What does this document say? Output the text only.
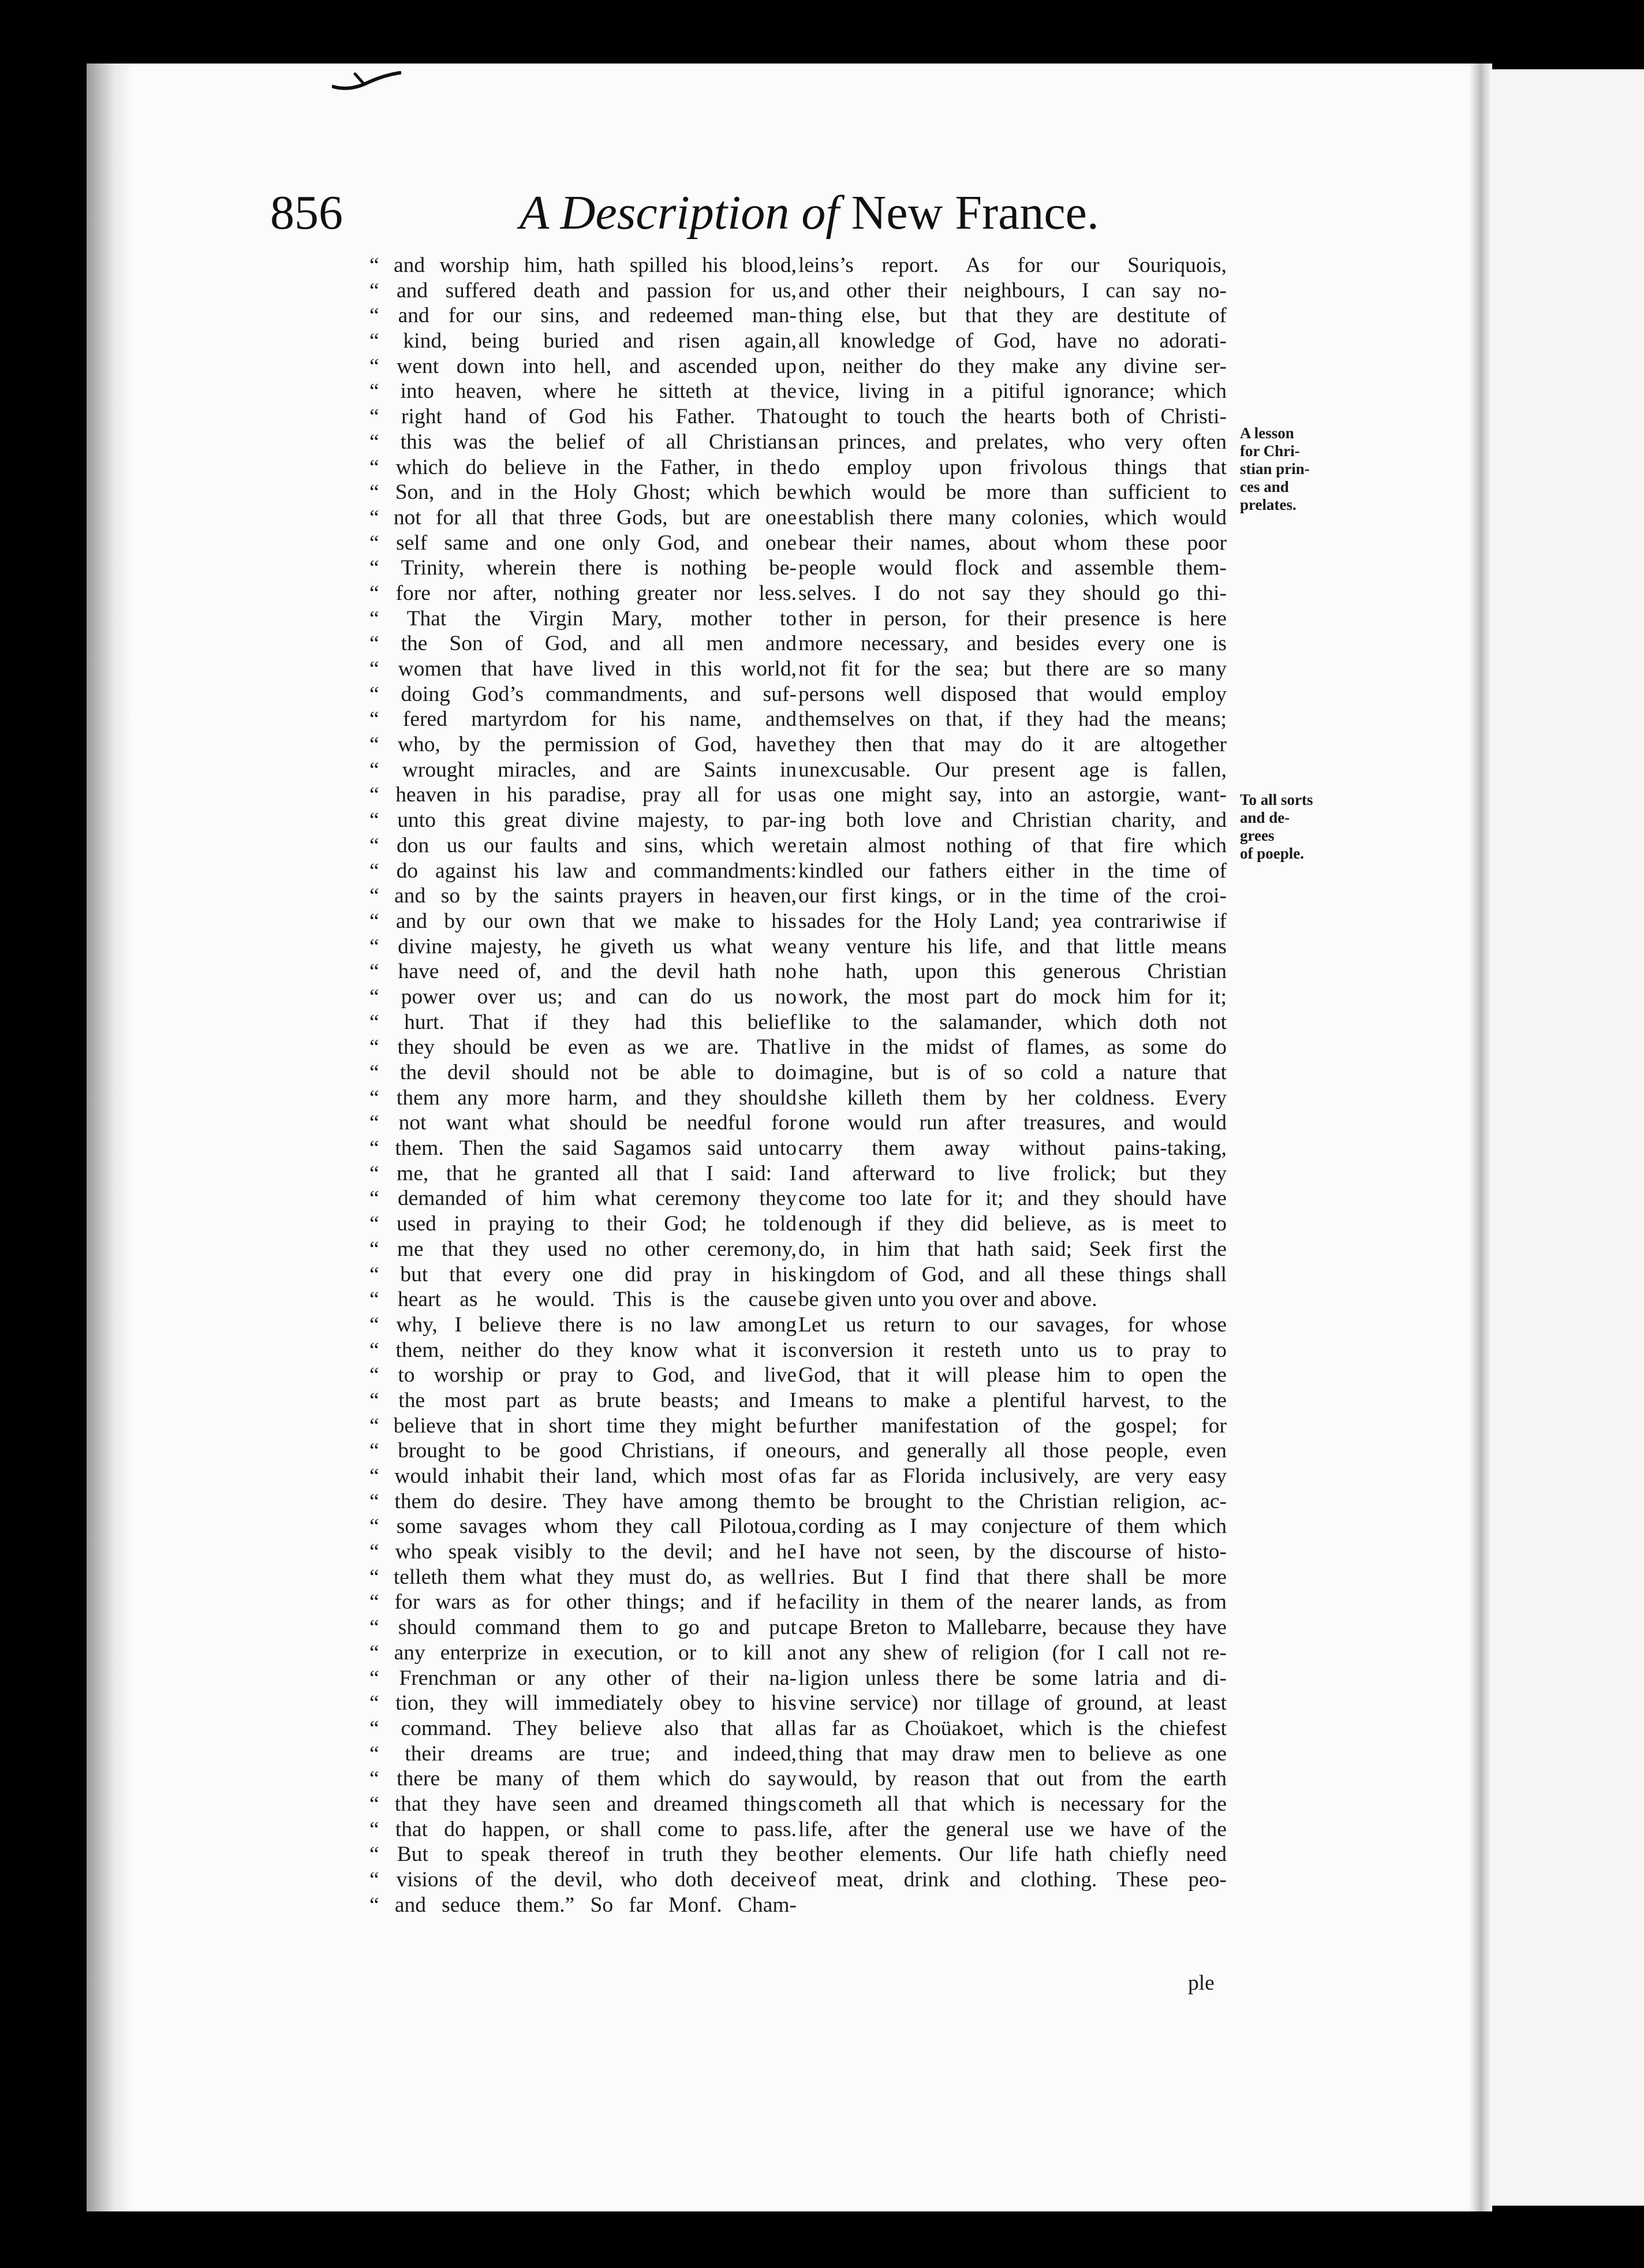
856	A Description of New France.
“ and worship him, hath spilled his blood,
“ and suffered death and passion for us,
“ and for our sins, and redeemed man-
“ kind, being buried and risen again,
“ went down into hell, and ascended up
“ into heaven, where he sitteth at the
“ right hand of God his Father. That
“ this was the belief of all Christians
“ which do believe in the Father, in the
“ Son, and in the Holy Ghost; which be
“ not for all that three Gods, but are one
“ self same and one only God, and one
“ Trinity, wherein there is nothing be-
“ fore nor after, nothing greater nor less.
“ That the Virgin Mary, mother to
“ the Son of God, and all men and
“ women that have lived in this world,
“ doing God’s commandments, and suf-
“ fered martyrdom for his name, and
“ who, by the permission of God, have
“ wrought miracles, and are Saints in
“ heaven in his paradise, pray all for us
“ unto this great divine majesty, to par-
“ don us our faults and sins, which we
“ do against his law and commandments:
“ and so by the saints prayers in heaven,
“ and by our own that we make to his
“ divine majesty, he giveth us what we
“ have need of, and the devil hath no
“ power over us; and can do us no
“ hurt. That if they had this belief
“ they should be even as we are. That
“ the devil should not be able to do
“ them any more harm, and they should
“ not want what should be needful for
“ them. Then the said Sagamos said unto
“ me, that he granted all that I said: I
“ demanded of him what ceremony they
“ used in praying to their God; he told
“ me that they used no other ceremony,
“ but that every one did pray in his
“ heart as he would. This is the cause
“ why, I believe there is no law among
“ them, neither do they know what it is
“ to worship or pray to God, and live
“ the most part as brute beasts; and I
“ believe that in short time they might be
“ brought to be good Christians, if one
“ would inhabit their land, which most of
“ them do desire. They have among them
“ some savages whom they call Pilotoua,
“ who speak visibly to the devil; and he
“ telleth them what they must do, as well
“ for wars as for other things; and if he
“ should command them to go and put
“ any enterprize in execution, or to kill a
“ Frenchman or any other of their na-
“ tion, they will immediately obey to his
“ command. They believe also that all
“ their dreams are true; and indeed,
“ there be many of them which do say
“ that they have seen and dreamed things
“ that do happen, or shall come to pass.
“ But to speak thereof in truth they be
“ visions of the devil, who doth deceive
“ and seduce them.” So far Monf. Cham-
leins’s report. As for our Souriquois,
and other their neighbours, I can say no-
thing else, but that they are destitute of
all knowledge of God, have no adorati-
on, neither do they make any divine ser-
vice, living in a pitiful ignorance; which
ought to touch the hearts both of Christi-
an princes, and prelates, who very often
do employ upon frivolous things that
which would be more than sufficient to
establish there many colonies, which would
bear their names, about whom these poor
people would flock and assemble them-
selves. I do not say they should go thi-
ther in person, for their presence is here
more necessary, and besides every one is
not fit for the sea; but there are so many
persons well disposed that would employ
themselves on that, if they had the means;
they then that may do it are altogether
unexcusable. Our present age is fallen,
as one might say, into an astorgie, want-
ing both love and Christian charity, and
retain almost nothing of that fire which
kindled our fathers either in the time of
our first kings, or in the time of the croi-
sades for the Holy Land; yea contrariwise if
any venture his life, and that little means
he hath, upon this generous Christian
work, the most part do mock him for it;
like to the salamander, which doth not
live in the midst of flames, as some do
imagine, but is of so cold a nature that
she killeth them by her coldness. Every
one would run after treasures, and would
carry them away without pains-taking,
and afterward to live frolick; but they
come too late for it; and they should have
enough if they did believe, as is meet to
do, in him that hath said; Seek first the
kingdom of God, and all these things shall
be given unto you over and above.
Let us return to our savages, for whose
conversion it resteth unto us to pray to
God, that it will please him to open the
means to make a plentiful harvest, to the
further manifestation of the gospel; for
ours, and generally all those people, even
as far as Florida inclusively, are very easy
to be brought to the Christian religion, ac-
cording as I may conjecture of them which
I have not seen, by the discourse of histo-
ries. But I find that there shall be more
facility in them of the nearer lands, as from
cape Breton to Mallebarre, because they have
not any shew of religion (for I call not re-
ligion unless there be some latria and di-
vine service) nor tillage of ground, at least
as far as Choüakoet, which is the chiefest
thing that may draw men to believe as one
would, by reason that out from the earth
cometh all that which is necessary for the
life, after the general use we have of the
other elements. Our life hath chiefly need
of meat, drink and clothing. These peo-
A lesson
for Chri-
stian prin-
ces and
prelates.
To all sorts
and de-
grees
of poeple.
ple
